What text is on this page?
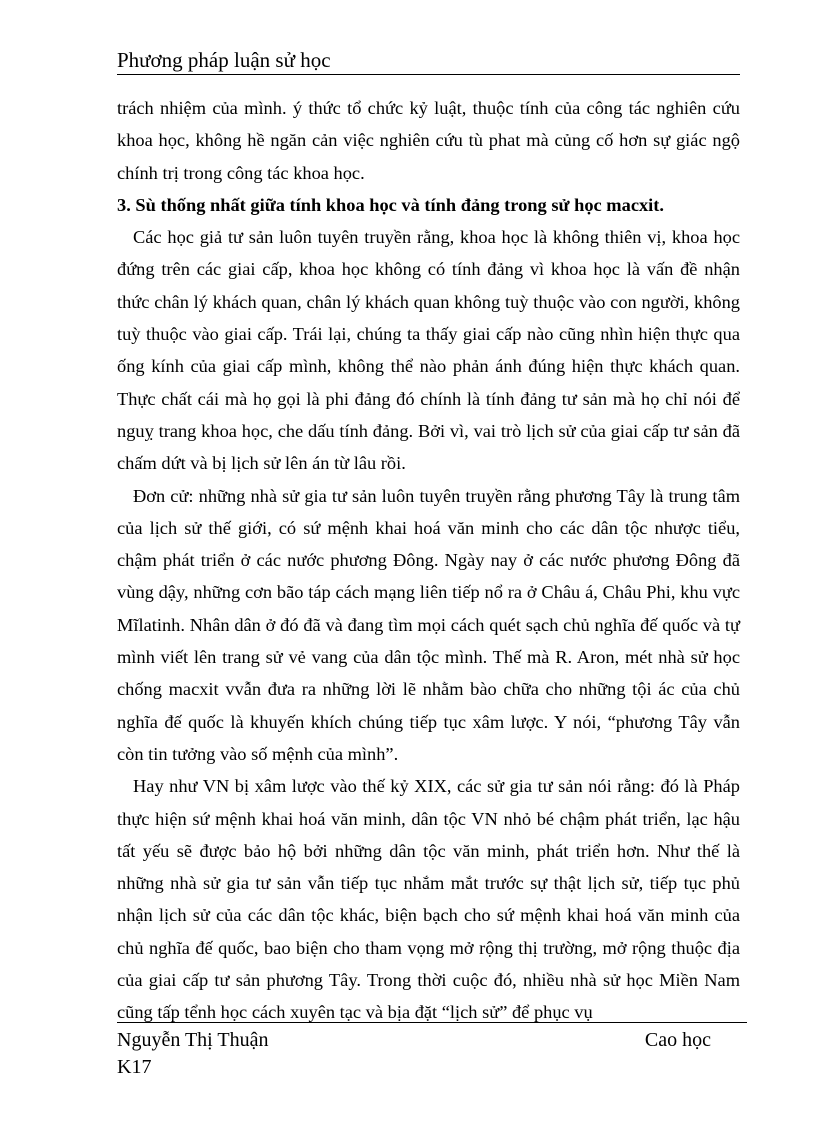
Phương pháp luận sử học

trách nhiệm của mình. ý thức tổ chức kỷ luật, thuộc tính của công tác nghiên cứu khoa học, không hề ngăn cản việc nghiên cứu tù phat mà củng cố hơn sự giác ngộ chính trị trong công tác khoa học.

3. Sù thống nhất giữa tính khoa học và tính đảng trong sử học macxit.

Các học giả tư sản luôn tuyên truyền rằng, khoa học là không thiên vị, khoa học đứng trên các giai cấp, khoa học không có tính đảng vì khoa học là vấn đề nhận thức chân lý khách quan, chân lý khách quan không tuỳ thuộc vào con người, không tuỳ thuộc vào giai cấp. Trái lại, chúng ta thấy giai cấp nào cũng nhìn hiện thực qua ống kính của giai cấp mình, không thể nào phản ánh đúng hiện thực khách quan. Thực chất cái mà họ gọi là phi đảng đó chính là tính đảng tư sản mà họ chỉ nói để nguỵ trang khoa học, che dấu tính đảng. Bởi vì, vai trò lịch sử của giai cấp tư sản đã chấm dứt và bị lịch sử lên án từ lâu rồi.

Đơn cử: những nhà sử gia tư sản luôn tuyên truyền rằng phương Tây là trung tâm của lịch sử thế giới, có sứ mệnh khai hoá văn minh cho các dân tộc nhược tiểu, chậm phát triển ở các nước phương Đông. Ngày nay ở các nước phương Đông đã vùng dậy, những cơn bão táp cách mạng liên tiếp nổ ra ở Châu á, Châu Phi, khu vực Mĩlatinh. Nhân dân ở đó đã và đang tìm mọi cách quét sạch chủ nghĩa đế quốc và tự mình viết lên trang sử vẻ vang của dân tộc mình. Thế mà R. Aron, mét nhà sử học chống macxit vvẫn đưa ra những lời lẽ nhằm bào chữa cho những tội ác của chủ nghĩa đế quốc là khuyến khích chúng tiếp tục xâm lược. Y nói, “phương Tây vẫn còn tin tưởng vào số mệnh của mình”.

Hay như VN bị xâm lược vào thế kỷ XIX, các sử gia tư sản nói rằng: đó là Pháp thực hiện sứ mệnh khai hoá văn minh, dân tộc VN nhỏ bé chậm phát triển, lạc hậu tất yếu sẽ được bảo hộ bởi những dân tộc văn minh, phát triển hơn. Như thế là những nhà sử gia tư sản vẫn tiếp tục nhắm mắt trước sự thật lịch sử, tiếp tục phủ nhận lịch sử của các dân tộc khác, biện bạch cho sứ mệnh khai hoá văn minh của chủ nghĩa đế quốc, bao biện cho tham vọng mở rộng thị trường, mở rộng thuộc địa của giai cấp tư sản phương Tây. Trong thời cuộc đó, nhiều nhà sử học Miền Nam cũng tấp tểnh học cách xuyên tạc và bịa đặt “lịch sử” để phục vụ

Nguyễn Thị Thuận
K17
Cao học
